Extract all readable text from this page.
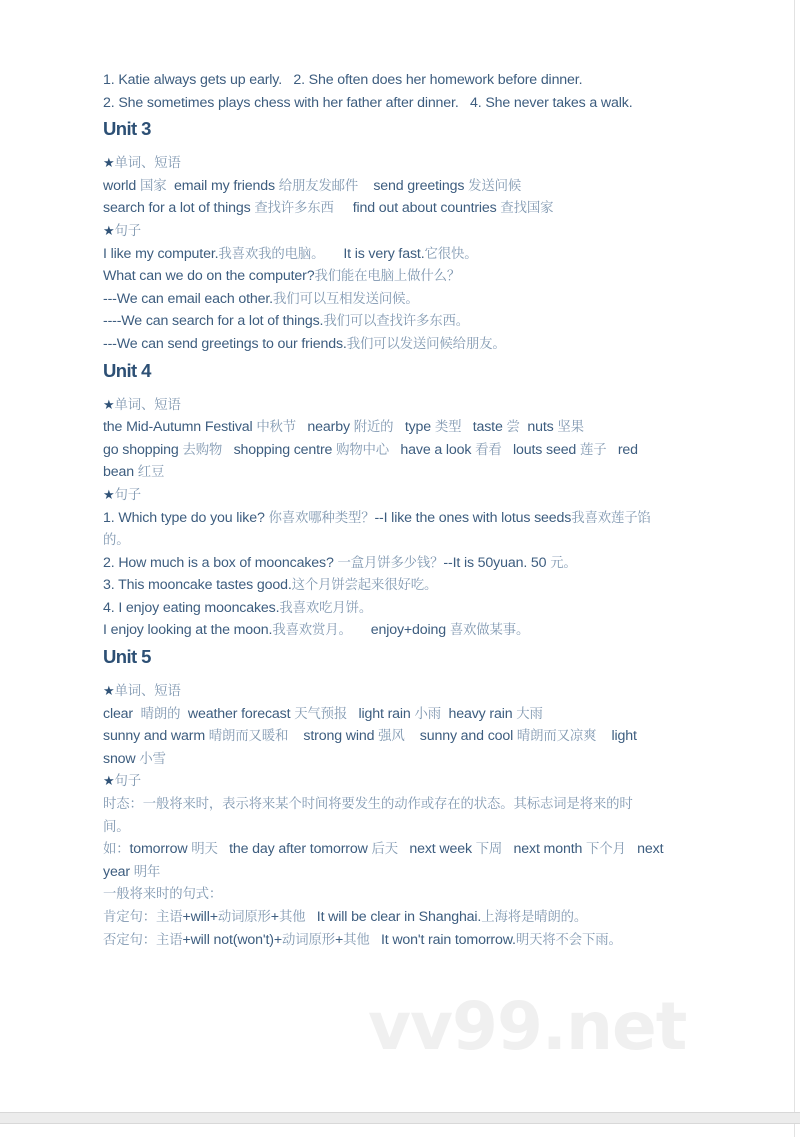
1. Katie always gets up early.   2. She often does her homework before dinner.
2. She sometimes plays chess with her father after dinner.   4. She never takes a walk.
Unit 3
★单词、短语
world 国家  email my friends 给朋友发邮件    send greetings 发送问候
search for a lot of things 查找许多东西     find out about countries 查找国家
★句子
I like my computer.我喜欢我的电脑。     It is very fast.它很快。
What can we do on the computer?我们能在电脑上做什么？
---We can email each other.我们可以互相发送问候。
----We can search for a lot of things.我们可以查找许多东西。
---We can send greetings to our friends.我们可以发送问候给朋友。
Unit 4
★单词、短语
the Mid-Autumn Festival 中秋节   nearby 附近的   type 类型   taste 尝  nuts 坚果
go shopping 去购物   shopping centre 购物中心   have a look 看看   louts seed 莲子   red
bean 红豆
★句子
1. Which type do you like? 你喜欢哪种类型？--I like the ones with lotus seeds我喜欢莲子馅
的。
2. How much is a box of mooncakes? 一盒月饼多少钱？--It is 50yuan. 50 元。
3. This mooncake tastes good.这个月饼尝起来很好吃。
4. I enjoy eating mooncakes.我喜欢吃月饼。
I enjoy looking at the moon.我喜欢赏月。     enjoy+doing 喜欢做某事。
Unit 5
★单词、短语
clear  晴朗的  weather forecast 天气预报   light rain 小雨  heavy rain 大雨
sunny and warm 晴朗而又暖和    strong wind 强风    sunny and cool 晴朗而又凉爽    light
snow 小雪
★句子
时态：一般将来时，表示将来某个时间将要发生的动作或存在的状态。其标志词是将来的时
间。
如：tomorrow 明天   the day after tomorrow 后天   next week 下周   next month 下个月   next
year 明年
一般将来时的句式：
肯定句：主语+will+动词原形+其他   It will be clear in Shanghai.上海将是晴朗的。
否定句：主语+will not(won't)+动词原形+其他   It won't rain tomorrow.明天将不会下雨。
vv99.net
